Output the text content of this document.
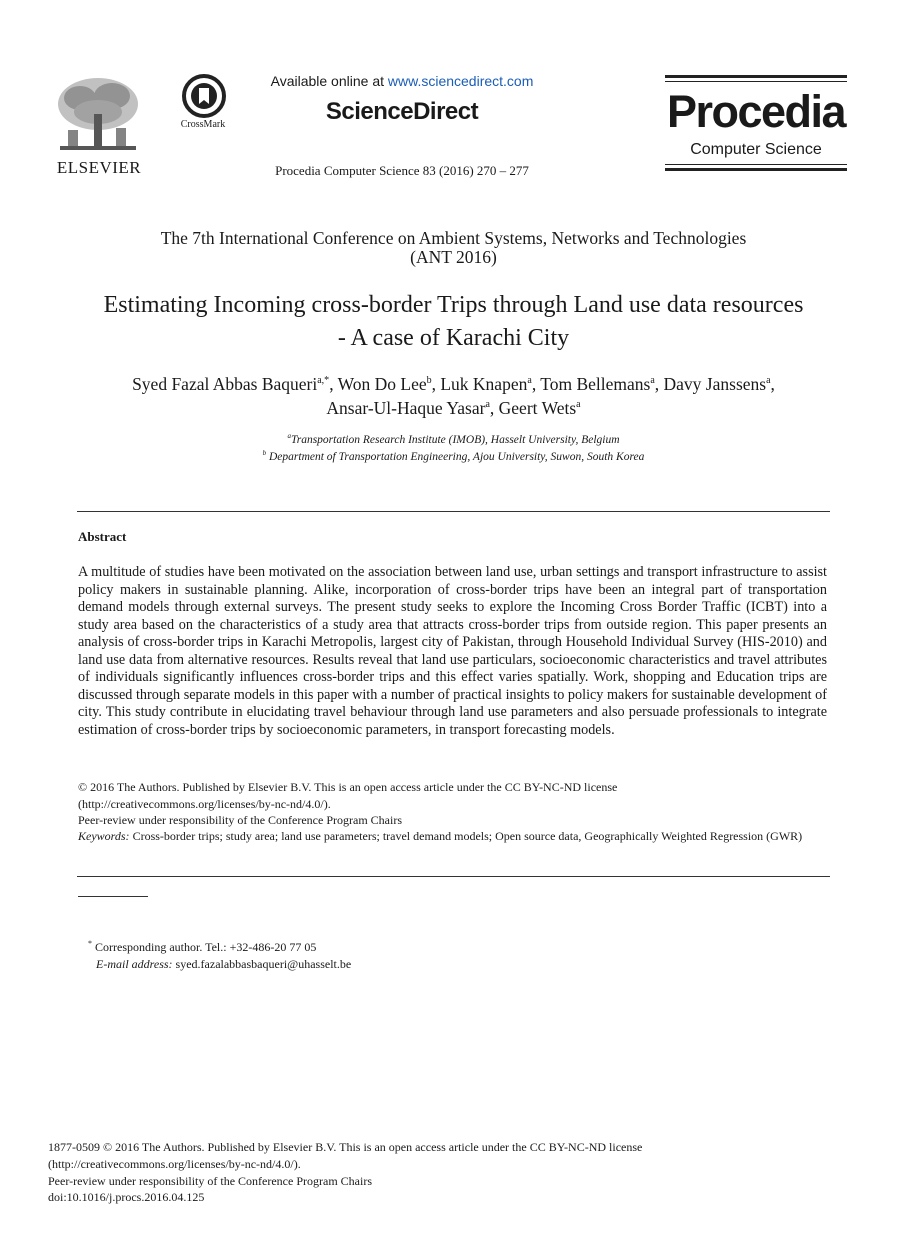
ELSEVIER
CrossMark
Available online at www.sciencedirect.com
ScienceDirect
Procedia Computer Science 83 (2016) 270 – 277
Procedia
Computer Science
The 7th International Conference on Ambient Systems, Networks and Technologies
(ANT 2016)
Estimating Incoming cross-border Trips through Land use data resources
- A case of Karachi City
Syed Fazal Abbas Baqueri$^{a,*}$, Won Do Lee$^b$, Luk Knapen$^a$, Tom Bellemans$^a$, Davy Janssens$^a$,
Ansar-Ul-Haque Yasar$^a$, Geert Wets$^a$
$^a$Transportation Research Institute (IMOB), Hasselt University, Belgium
$^b$ Department of Transportation Engineering, Ajou University, Suwon, South Korea
Abstract
A multitude of studies have been motivated on the association between land use, urban settings and transport infrastructure to assist policy makers in sustainable planning. Alike, incorporation of cross-border trips have been an integral part of transportation demand models through external surveys. The present study seeks to explore the Incoming Cross Border Traffic (ICBT) into a study area based on the characteristics of a study area that attracts cross-border trips from outside region. This paper presents an analysis of cross-border trips in Karachi Metropolis, largest city of Pakistan, through Household Individual Survey (HIS-2010) and land use data from alternative resources. Results reveal that land use particulars, socioeconomic characteristics and travel attributes of individuals significantly influences cross-border trips and this effect varies spatially. Work, shopping and Education trips are discussed through separate models in this paper with a number of practical insights to policy makers for sustainable development of city. This study contribute in elucidating travel behaviour through land use parameters and also persuade professionals to integrate estimation of cross-border trips by socioeconomic parameters, in transport forecasting models.
© 2016 The Authors. Published by Elsevier B.V. This is an open access article under the CC BY-NC-ND license
(http://creativecommons.org/licenses/by-nc-nd/4.0/).
Peer-review under responsibility of the Conference Program Chairs
Keywords: Cross-border trips; study area; land use parameters; travel demand models; Open source data, Geographically Weighted Regression (GWR)
* Corresponding author. Tel.: +32-486-20 77 05
E-mail address: syed.fazalabbasbaqueri@uhasselt.be
1877-0509 © 2016 The Authors. Published by Elsevier B.V. This is an open access article under the CC BY-NC-ND license
(http://creativecommons.org/licenses/by-nc-nd/4.0/).
Peer-review under responsibility of the Conference Program Chairs
doi:10.1016/j.procs.2016.04.125
